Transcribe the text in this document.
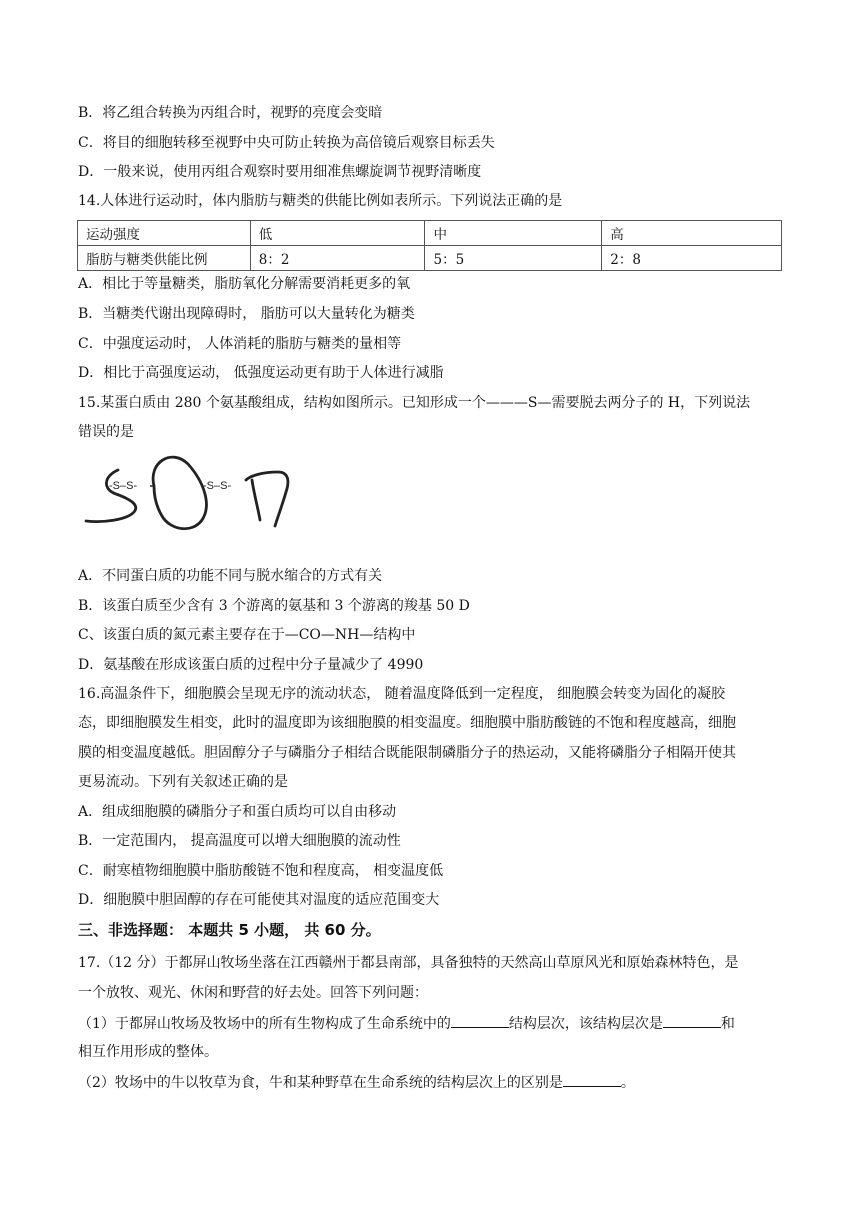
B．将乙组合转换为丙组合时，视野的亮度会变暗
C．将目的细胞转移至视野中央可防止转换为高倍镜后观察目标丢失
D．一般来说，使用丙组合观察时要用细准焦螺旋调节视野清晰度
14.人体进行运动时，体内脂肪与糖类的供能比例如表所示。下列说法正确的是
运动强度	低	中	高
脂肪与糖类供能比例	8：2	5：5	2：8
A．相比于等量糖类，脂肪氧化分解需要消耗更多的氧
B．当糖类代谢出现障碍时， 脂肪可以大量转化为糖类
C．中强度运动时， 人体消耗的脂肪与糖类的量相等
D．相比于高强度运动， 低强度运动更有助于人体进行减脂
15.某蛋白质由 280 个氨基酸组成，结构如图所示。已知形成一个———S—需要脱去两分子的 H，下列说法
错误的是
-S–S-	-S–S-
A．不同蛋白质的功能不同与脱水缩合的方式有关
B．该蛋白质至少含有 3 个游离的氨基和 3 个游离的羧基 50 D
C、该蛋白质的氮元素主要存在于—CO—NH—结构中
D．氨基酸在形成该蛋白质的过程中分子量减少了 4990
16.高温条件下，细胞膜会呈现无序的流动状态， 随着温度降低到一定程度， 细胞膜会转变为固化的凝胶
态，即细胞膜发生相变，此时的温度即为该细胞膜的相变温度。细胞膜中脂肪酸链的不饱和程度越高，细胞
膜的相变温度越低。胆固醇分子与磷脂分子相结合既能限制磷脂分子的热运动，又能将磷脂分子相隔开使其
更易流动。下列有关叙述正确的是
A．组成细胞膜的磷脂分子和蛋白质均可以自由移动
B．一定范围内， 提高温度可以增大细胞膜的流动性
C．耐寒植物细胞膜中脂肪酸链不饱和程度高， 相变温度低
D．细胞膜中胆固醇的存在可能使其对温度的适应范围变大
三、非选择题： 本题共 5 小题， 共 60 分。
17.（12 分）于都屏山牧场坐落在江西赣州于都县南部，具备独特的天然高山草原风光和原始森林特色，是
一个放牧、观光、休闲和野营的好去处。回答下列问题：
（1）于都屏山牧场及牧场中的所有生物构成了生命系统中的	结构层次，该结构层次是	和
相互作用形成的整体。
（2）牧场中的牛以牧草为食，牛和某种野草在生命系统的结构层次上的区别是	。
